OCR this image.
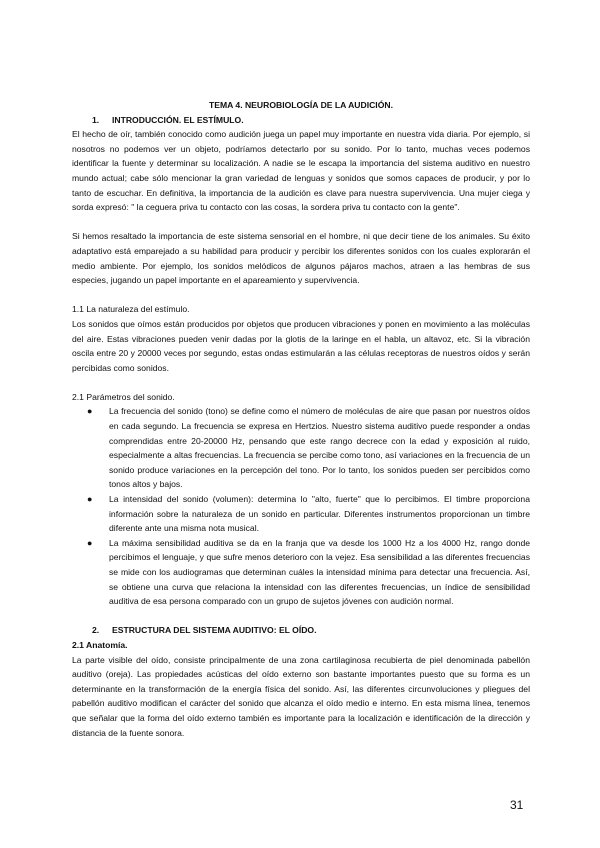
TEMA 4. NEUROBIOLOGÍA DE LA AUDICIÓN.

1. INTRODUCCIÓN. EL ESTÍMULO.

El hecho de oír, también conocido como audición juega un papel muy importante en nuestra vida diaria. Por ejemplo, si nosotros no podemos ver un objeto, podríamos detectarlo por su sonido. Por lo tanto, muchas veces podemos identificar la fuente y determinar su localización. A nadie se le escapa la importancia del sistema auditivo en nuestro mundo actual; cabe sólo mencionar la gran variedad de lenguas y sonidos que somos capaces de producir, y por lo tanto de escuchar. En definitiva, la importancia de la audición es clave para nuestra supervivencia. Una mujer ciega y sorda expresó: " la ceguera priva tu contacto con las cosas, la sordera priva tu contacto con la gente".

Si hemos resaltado la importancia de este sistema sensorial en el hombre, ni que decir tiene de los animales. Su éxito adaptativo está emparejado a su habilidad para producir y percibir los diferentes sonidos con los cuales explorarán el medio ambiente. Por ejemplo, los sonidos melódicos de algunos pájaros machos, atraen a las hembras de sus especies, jugando un papel importante en el apareamiento y supervivencia.

1.1 La naturaleza del estímulo.

Los sonidos que oímos están producidos por objetos que producen vibraciones y ponen en movimiento a las moléculas del aire. Estas vibraciones pueden venir dadas por la glotis de la laringe en el habla, un altavoz, etc. Si la vibración oscila entre 20 y 20000 veces por segundo, estas ondas estimularán a las células receptoras de nuestros oídos y serán percibidas como sonidos.

2.1 Parámetros del sonido.

● La frecuencia del sonido (tono) se define como el número de moléculas de aire que pasan por nuestros oídos en cada segundo. La frecuencia se expresa en Hertzios. Nuestro sistema auditivo puede responder a ondas comprendidas entre 20-20000 Hz, pensando que este rango decrece con la edad y exposición al ruido, especialmente a altas frecuencias. La frecuencia se percibe como tono, así variaciones en la frecuencia de un sonido produce variaciones en la percepción del tono. Por lo tanto, los sonidos pueden ser percibidos como tonos altos y bajos.
● La intensidad del sonido (volumen): determina lo "alto, fuerte" que lo percibimos. El timbre proporciona información sobre la naturaleza de un sonido en particular. Diferentes instrumentos proporcionan un timbre diferente ante una misma nota musical.
● La máxima sensibilidad auditiva se da en la franja que va desde los 1000 Hz a los 4000 Hz, rango donde percibimos el lenguaje, y que sufre menos deterioro con la vejez. Esa sensibilidad a las diferentes frecuencias se mide con los audiogramas que determinan cuáles la intensidad mínima para detectar una frecuencia. Así, se obtiene una curva que relaciona la intensidad con las diferentes frecuencias, un índice de sensibilidad auditiva de esa persona comparado con un grupo de sujetos jóvenes con audición normal.

2. ESTRUCTURA DEL SISTEMA AUDITIVO: EL OÍDO.

2.1 Anatomía.

La parte visible del oído, consiste principalmente de una zona cartilaginosa recubierta de piel denominada pabellón auditivo (oreja). Las propiedades acústicas del oído externo son bastante importantes puesto que su forma es un determinante en la transformación de la energía física del sonido. Así, las diferentes circunvoluciones y pliegues del pabellón auditivo modifican el carácter del sonido que alcanza el oído medio e interno. En esta misma línea, tenemos que señalar que la forma del oído externo también es importante para la localización e identificación de la dirección y distancia de la fuente sonora.

31
